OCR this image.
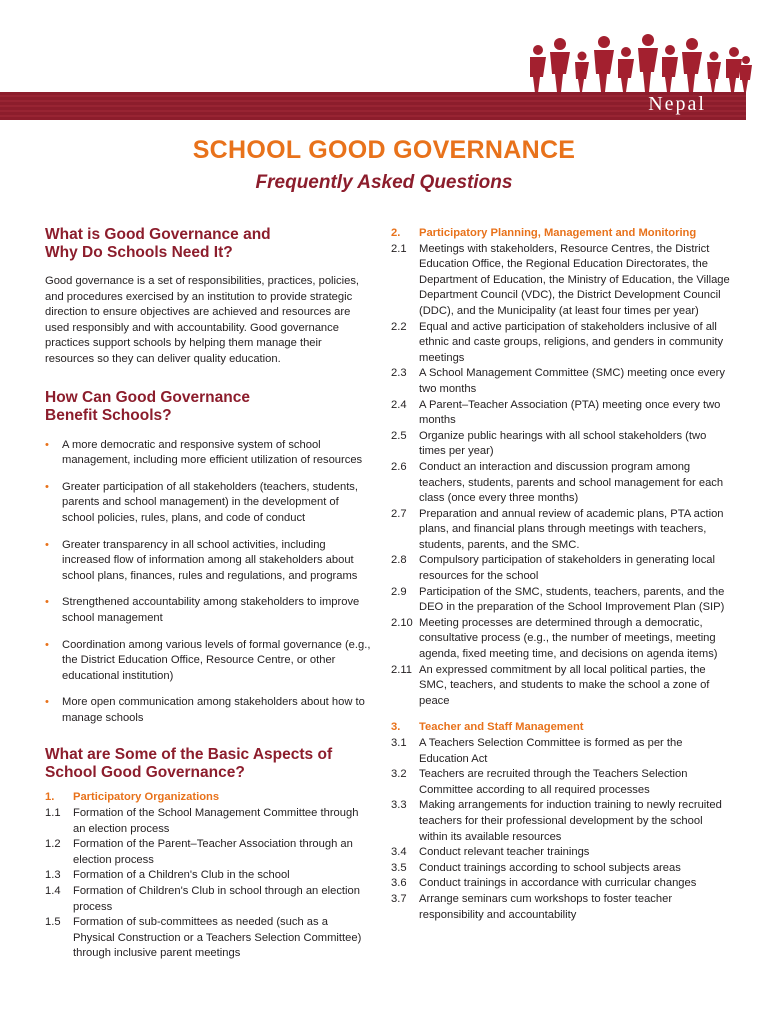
Nepal
SCHOOL GOOD GOVERNANCE
Frequently Asked Questions
What is Good Governance and
Why Do Schools Need It?

Good governance is a set of responsibilities, practices, policies, and procedures exercised by an institution to provide strategic direction to ensure objectives are achieved and resources are used responsibly and with accountability. Good governance practices support schools by helping them manage their resources so they can deliver quality education.

How Can Good Governance
Benefit Schools?
• A more democratic and responsive system of school management, including more efficient utilization of resources
• Greater participation of all stakeholders (teachers, students, parents and school management) in the development of school policies, rules, plans, and code of conduct
• Greater transparency in all school activities, including increased flow of information among all stakeholders about school plans, finances, rules and regulations, and programs
• Strengthened accountability among stakeholders to improve school management
• Coordination among various levels of formal governance (e.g., the District Education Office, Resource Centre, or other educational institution)
• More open communication among stakeholders about how to manage schools
What are Some of the Basic Aspects of
School Good Governance?
1.	Participatory Organizations
1.1	Formation of the School Management Committee through an election process
1.2	Formation of the Parent–Teacher Association through an election process
1.3	Formation of a Children's Club in the school
1.4	Formation of Children's Club in school through an election process
1.5	Formation of sub-committees as needed (such as a Physical Construction or a Teachers Selection Committee) through inclusive parent meetings
2.	Participatory Planning, Management and Monitoring
2.1	Meetings with stakeholders, Resource Centres, the District Education Office, the Regional Education Directorates, the Department of Education, the Ministry of Education, the Village Department Council (VDC), the District Development Council (DDC), and the Municipality (at least four times per year)
2.2	Equal and active participation of stakeholders inclusive of all ethnic and caste groups, religions, and genders in community meetings
2.3	A School Management Committee (SMC) meeting once every two months
2.4	A Parent–Teacher Association (PTA) meeting once every two months
2.5	Organize public hearings with all school stakeholders (two times per year)
2.6	Conduct an interaction and discussion program among teachers, students, parents and school management for each class (once every three months)
2.7	Preparation and annual review of academic plans, PTA action plans, and financial plans through meetings with teachers, students, parents, and the SMC.
2.8	Compulsory participation of stakeholders in generating local resources for the school
2.9	Participation of the SMC, students, teachers, parents, and the DEO in the preparation of the School Improvement Plan (SIP)
2.10 Meeting processes are determined through a democratic, consultative process (e.g., the number of meetings, meeting agenda, fixed meeting time, and decisions on agenda items)
2.11 An expressed commitment by all local political parties, the SMC, teachers, and students to make the school a zone of peace
3.	Teacher and Staff Management
3.1	A Teachers Selection Committee is formed as per the Education Act
3.2	Teachers are recruited through the Teachers Selection Committee according to all required processes
3.3	Making arrangements for induction training to newly recruited teachers for their professional development by the school within its available resources
3.4	Conduct relevant teacher trainings
3.5	Conduct trainings according to school subjects areas
3.6	Conduct trainings in accordance with curricular changes
3.7	Arrange seminars cum workshops to foster teacher responsibility and accountability
